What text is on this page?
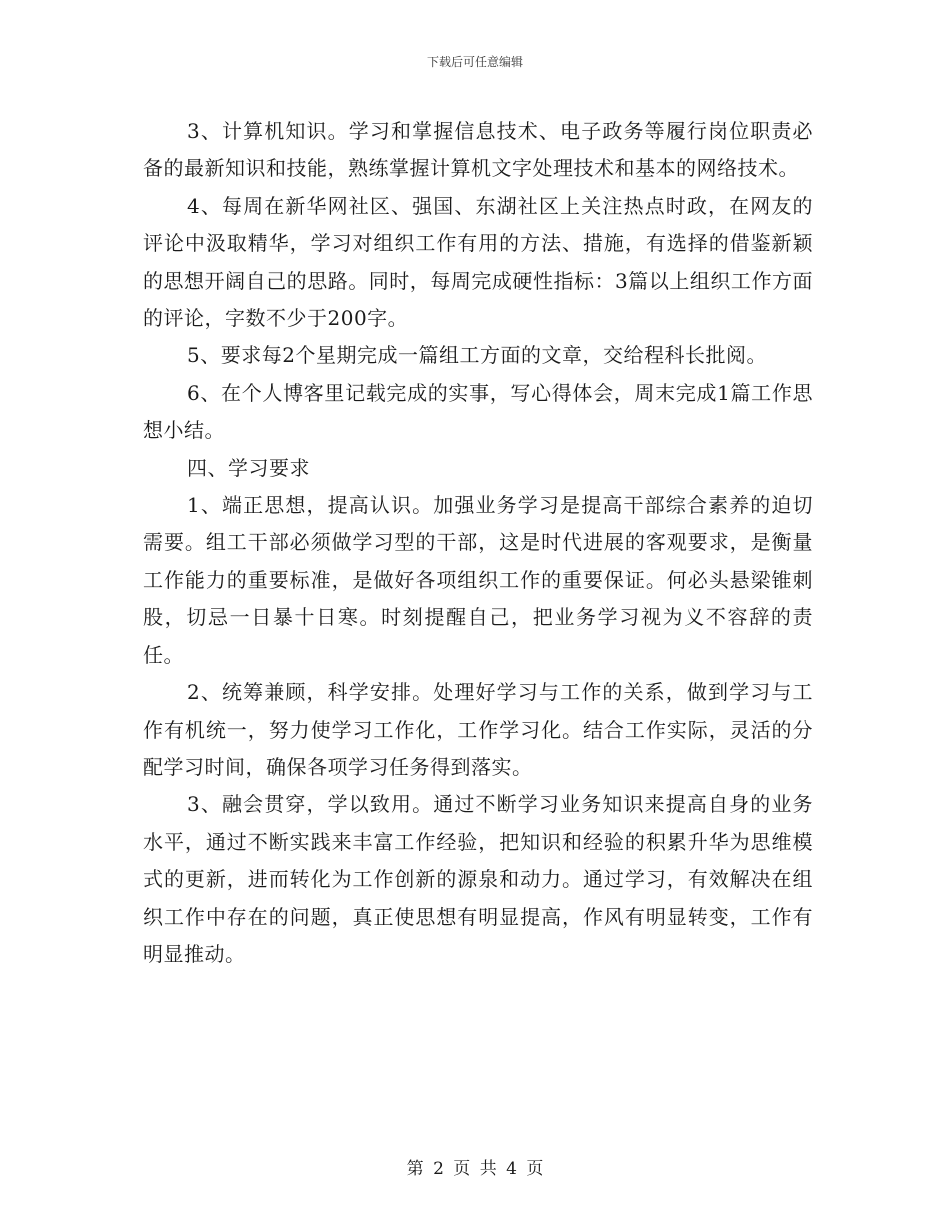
下载后可任意编辑

3、计算机知识。学习和掌握信息技术、电子政务等履行岗位职责必备的最新知识和技能，熟练掌握计算机文字处理技术和基本的网络技术。

4、每周在新华网社区、强国、东湖社区上关注热点时政，在网友的评论中汲取精华，学习对组织工作有用的方法、措施，有选择的借鉴新颖的思想开阔自己的思路。同时，每周完成硬性指标：3篇以上组织工作方面的评论，字数不少于200字。

5、要求每2个星期完成一篇组工方面的文章，交给程科长批阅。

6、在个人博客里记载完成的实事，写心得体会，周末完成1篇工作思想小结。

四、学习要求

1、端正思想，提高认识。加强业务学习是提高干部综合素养的迫切需要。组工干部必须做学习型的干部，这是时代进展的客观要求，是衡量工作能力的重要标准，是做好各项组织工作的重要保证。何必头悬梁锥刺股，切忌一日暴十日寒。时刻提醒自己，把业务学习视为义不容辞的责任。

2、统筹兼顾，科学安排。处理好学习与工作的关系，做到学习与工作有机统一，努力使学习工作化，工作学习化。结合工作实际，灵活的分配学习时间，确保各项学习任务得到落实。

3、融会贯穿，学以致用。通过不断学习业务知识来提高自身的业务水平，通过不断实践来丰富工作经验，把知识和经验的积累升华为思维模式的更新，进而转化为工作创新的源泉和动力。通过学习，有效解决在组织工作中存在的问题，真正使思想有明显提高，作风有明显转变，工作有明显推动。

第 2 页 共 4 页
